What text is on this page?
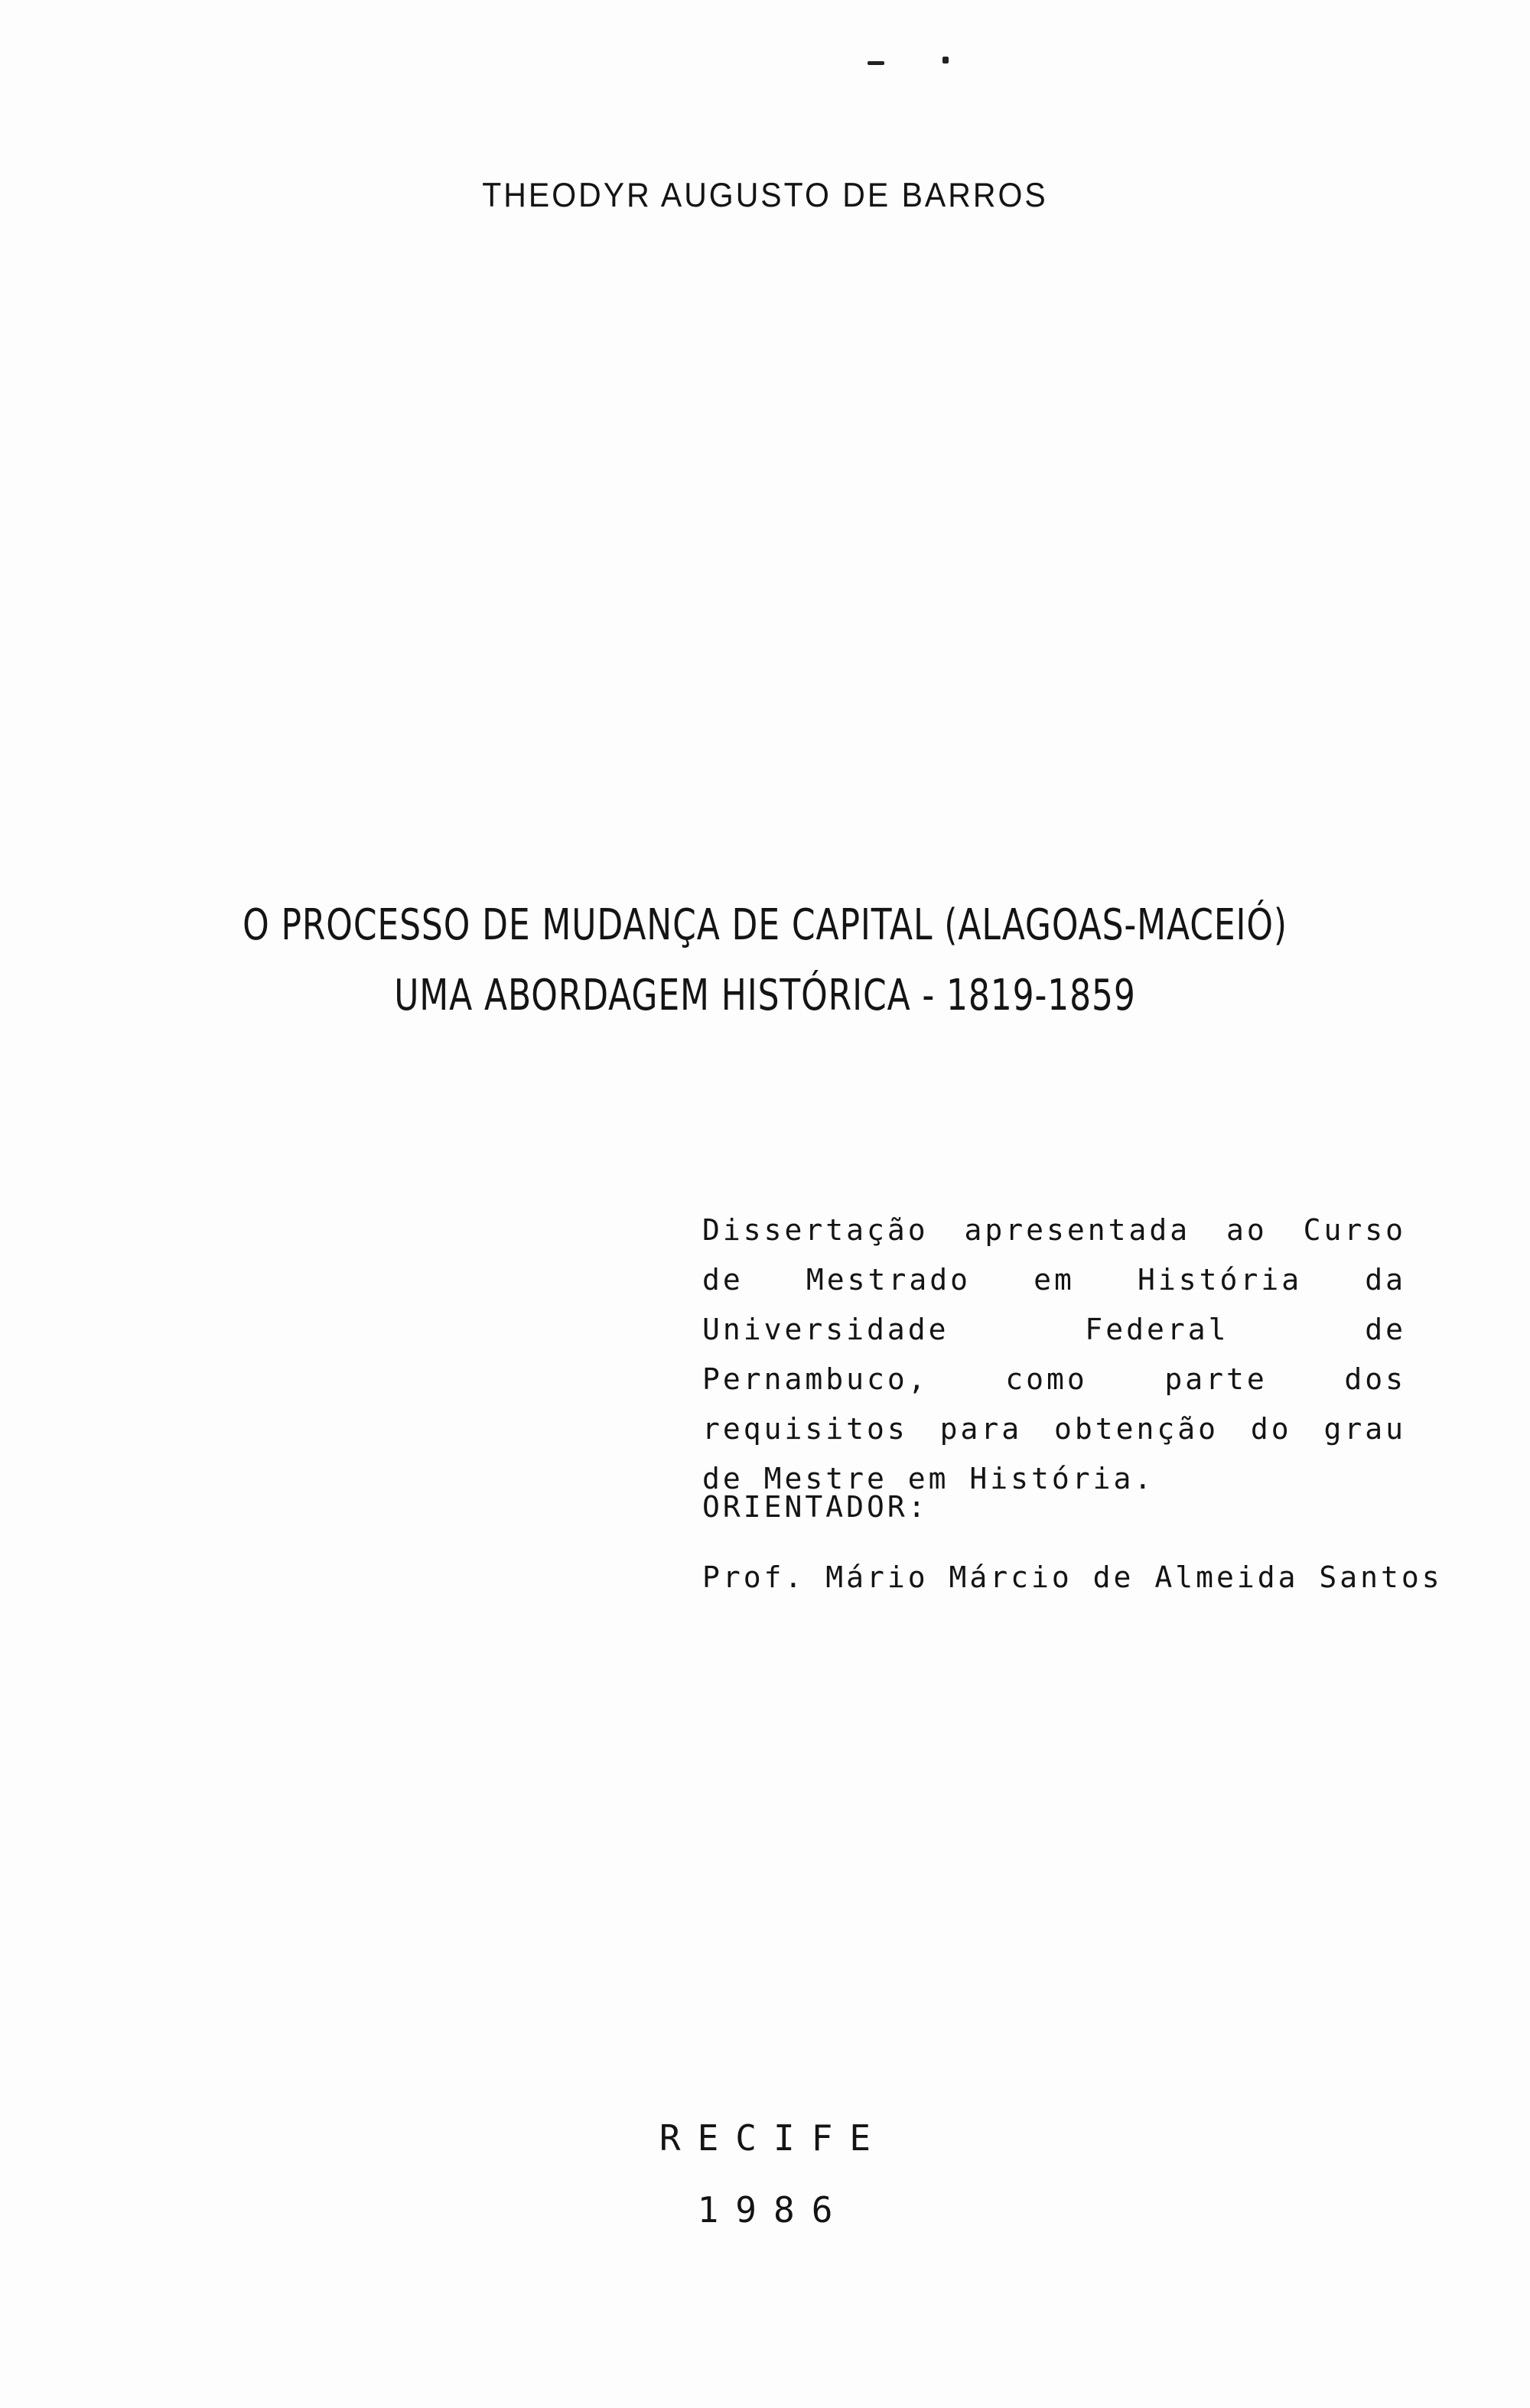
THEODYR AUGUSTO DE BARROS
O PROCESSO DE MUDANÇA DE CAPITAL (ALAGOAS-MACEIÓ)
UMA ABORDAGEM HISTÓRICA - 1819-1859
Dissertação apresentada ao Curso de Mestrado em História da Universidade Federal de Pernambuco, como parte dos requisitos para obtenção do grau de Mestre em História.
ORIENTADOR:
Prof. Mário Márcio de Almeida Santos
RECIFE
1986
